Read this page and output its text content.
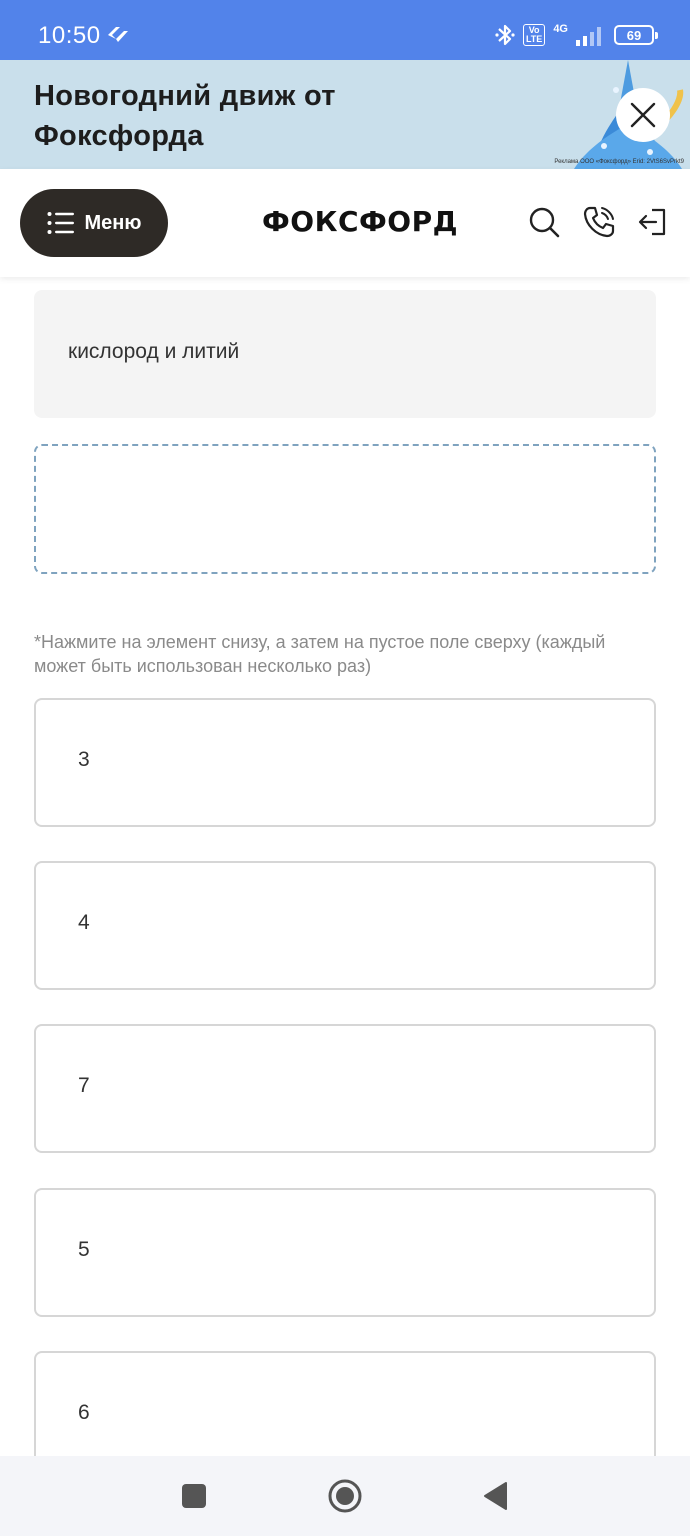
10:50	Vo
LTE
4G	69
Новогодний движ от Фоксфорда
Реклама ООО «Фоксфорд» Erid: 2VtS6SvPrkt9
Меню	ФОКСФОРД
кислород и литий
*Нажмите на элемент снизу, а затем на пустое поле сверху (каждый может быть использован несколько раз)
3
4
7
5
6
